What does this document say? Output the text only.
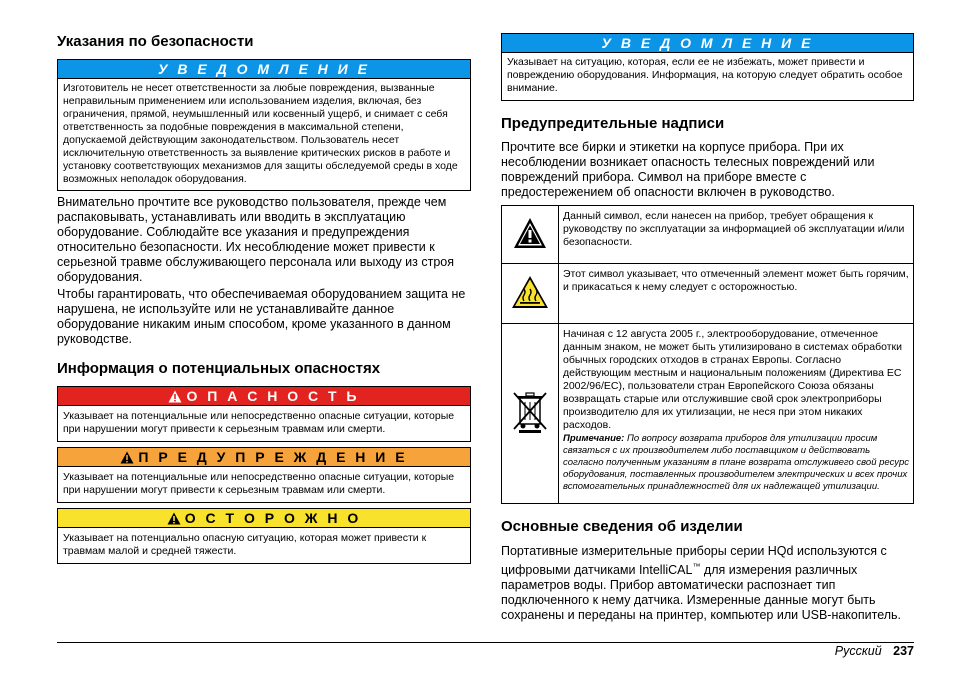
Указания по безопасности
У В Е Д О М Л Е Н И Е
Изготовитель не несет ответственности за любые повреждения, вызванные неправильным применением или использованием изделия, включая, без ограничения, прямой, неумышленный или косвенный ущерб, и снимает с себя ответственность за подобные повреждения в максимальной степени, допускаемой действующим законодательством. Пользователь несет исключительную ответственность за выявление критических рисков в работе и установку соответствующих механизмов для защиты обследуемой среды в ходе возможных неполадок оборудования.

Внимательно прочтите все руководство пользователя, прежде чем распаковывать, устанавливать или вводить в эксплуатацию оборудование. Соблюдайте все указания и предупреждения относительно безопасности. Их несоблюдение может привести к серьезной травме обслуживающего персонала или выходу из строя оборудования.

Чтобы гарантировать, что обеспечиваемая оборудованием защита не нарушена, не используйте или не устанавливайте данное оборудование никаким иным способом, кроме указанного в данном руководстве.

Информация о потенциальных опасностях
О П А С Н О С Т Ь
Указывает на потенциальные или непосредственно опасные ситуации, которые при нарушении могут привести к серьезным травмам или смерти.
П Р Е Д У П Р Е Ж Д Е Н И Е
Указывает на потенциальные или непосредственно опасные ситуации, которые при нарушении могут привести к серьезным травмам или смерти.
О С Т О Р О Ж Н О
Указывает на потенциально опасную ситуацию, которая может привести к травмам малой и средней тяжести.
У В Е Д О М Л Е Н И Е
Указывает на ситуацию, которая, если ее не избежать, может привести и повреждению оборудования. Информация, на которую следует обратить особое внимание.
Предупредительные надписи

Прочтите все бирки и этикетки на корпусе прибора. При их несоблюдении возникает опасность телесных повреждений или повреждений прибора. Символ на приборе вместе с предостережением об опасности включен в руководство.

	Данный символ, если нанесен на прибор, требует обращения к руководству по эксплуатации за информацией об эксплуатации и/или безопасности.
	Этот символ указывает, что отмеченный элемент может быть горячим, и прикасаться к нему следует с осторожностью.

Начиная с 12 августа 2005 г., электрооборудование, отмеченное данным знаком, не может быть утилизировано в системах обработки обычных городских отходов в странах Европы. Согласно действующим местным и национальным положениям (Директива ЕС 2002/96/EC), пользователи стран Европейского Союза обязаны возвращать старые или отслужившие свой срок электроприборы производителю для их утилизации, не неся при этом никаких расходов.
Примечание: По вопросу возврата приборов для утилизации просим связаться с их производителем либо поставщиком и действовать согласно полученным указаниям в плане возврата отслуживего свой ресурс оборудования, поставленных производителем электрических и всех прочих вспомогательных принадлежностей для их надлежащей утилизации.
Основные сведения об изделии

Портативные измерительные приборы серии HQd используются с цифровыми датчиками IntelliCAL™ для измерения различных параметров воды. Прибор автоматически распознает тип подключенного к нему датчика. Измеренные данные могут быть сохранены и переданы на принтер, компьютер или USB-накопитель.

Русский 237
